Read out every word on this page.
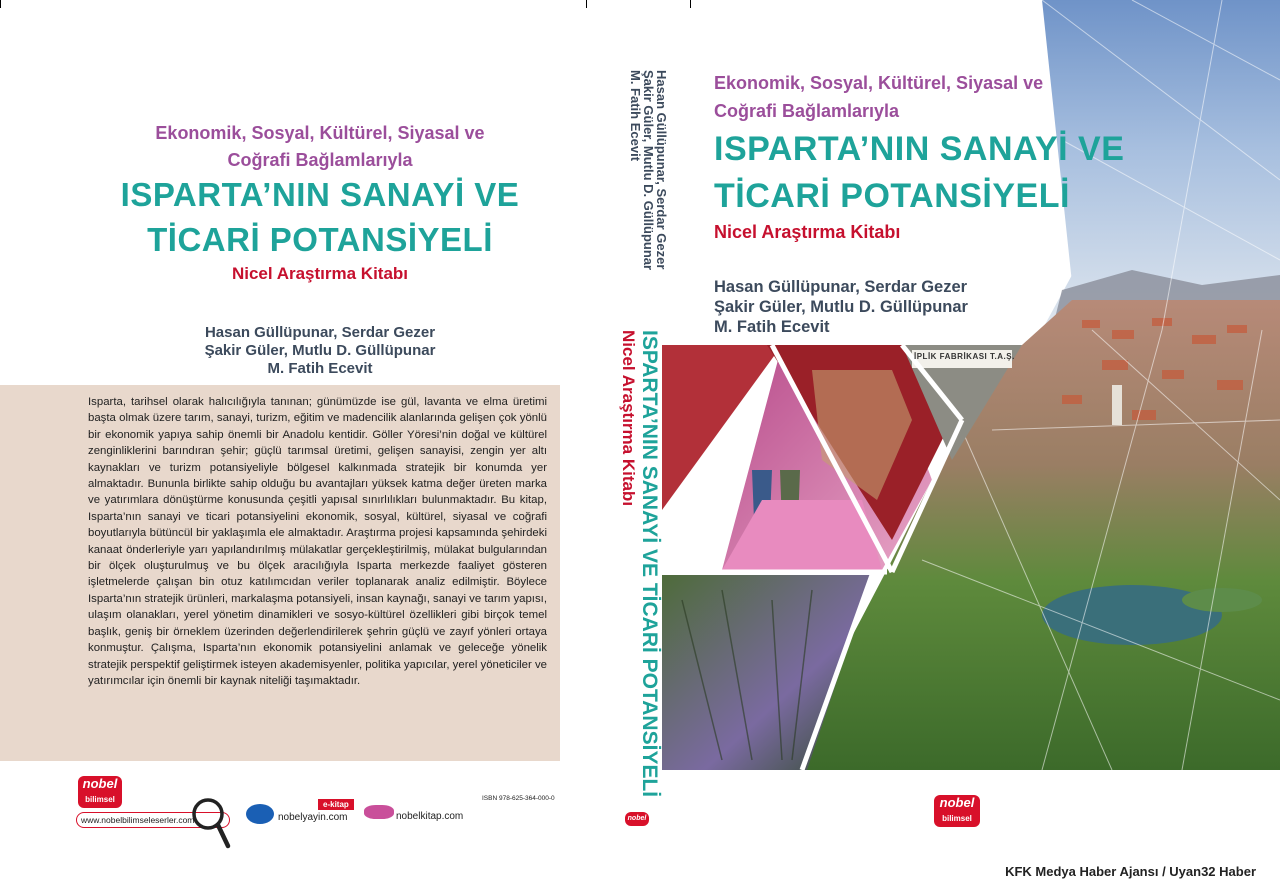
Ekonomik, Sosyal, Kültürel, Siyasal ve
Coğrafi Bağlamlarıyla
ISPARTA’NIN SANAYİ VE
TİCARİ POTANSİYELİ
Nicel Araştırma Kitabı
Hasan Güllüpunar, Serdar Gezer
Şakir Güler, Mutlu D. Güllüpunar
M. Fatih Ecevit
Isparta, tarihsel olarak halıcılığıyla tanınan; günümüzde ise gül, lavanta ve elma üretimi başta olmak üzere tarım, sanayi, turizm, eğitim ve madencilik alanlarında gelişen çok yönlü bir ekonomik yapıya sahip önemli bir Anadolu kentidir. Göller Yöresi’nin doğal ve kültürel zenginliklerini barındıran şehir; güçlü tarımsal üretimi, gelişen sanayisi, zengin yer altı kaynakları ve turizm potansiyeliyle bölgesel kalkınmada stratejik bir konumda yer almaktadır. Bununla birlikte sahip olduğu bu avantajları yüksek katma değer üreten marka ve yatırımlara dönüştürme konusunda çeşitli yapısal sınırlılıkları bulunmaktadır. Bu kitap, Isparta’nın sanayi ve ticari potansiyelini ekonomik, sosyal, kültürel, siyasal ve coğrafi boyutlarıyla bütüncül bir yaklaşımla ele almaktadır. Araştırma projesi kapsamında şehirdeki kanaat önderleriyle yarı yapılandırılmış mülakatlar gerçekleştirilmiş, mülakat bulgularından bir ölçek oluşturulmuş ve bu ölçek aracılığıyla Isparta merkezde faaliyet gösteren işletmelerde çalışan bin otuz katılımcıdan veriler toplanarak analiz edilmiştir. Böylece Isparta’nın stratejik ürünleri, markalaşma potansiyeli, insan kaynağı, sanayi ve tarım yapısı, ulaşım olanakları, yerel yönetim dinamikleri ve sosyo-kültürel özellikleri gibi birçok temel başlık, geniş bir örneklem üzerinden değerlendirilerek şehrin güçlü ve zayıf yönleri ortaya konmuştur. Çalışma, Isparta’nın ekonomik potansiyelini anlamak ve geleceğe yönelik stratejik perspektif geliştirmek isteyen akademisyenler, politika yapıcılar, yerel yöneticiler ve yatırımcılar için önemli bir kaynak niteliği taşımaktadır.
nobel
bilimsel
www.nobelbilimseleserler.com	nobelyayin.com
e-kitap
nobelkitap.com
ISBN 978-625-364-000-0
Hasan Güllüpunar, Serdar Gezer
Şakir Güler, Mutlu D. Güllüpunar
M. Fatih Ecevit
ISPARTA’NIN SANAYİ VE TİCARİ POTANSİYELİ
Nicel Araştırma Kitabı
nobel
İPLİK FABRİKASI T.A.Ş.
Ekonomik, Sosyal, Kültürel, Siyasal ve
Coğrafi Bağlamlarıyla
ISPARTA’NIN SANAYİ VE
TİCARİ POTANSİYELİ
Nicel Araştırma Kitabı
Hasan Güllüpunar, Serdar Gezer
Şakir Güler, Mutlu D. Güllüpunar
M. Fatih Ecevit
nobel
bilimsel
KFK Medya Haber Ajansı / Uyan32 Haber
